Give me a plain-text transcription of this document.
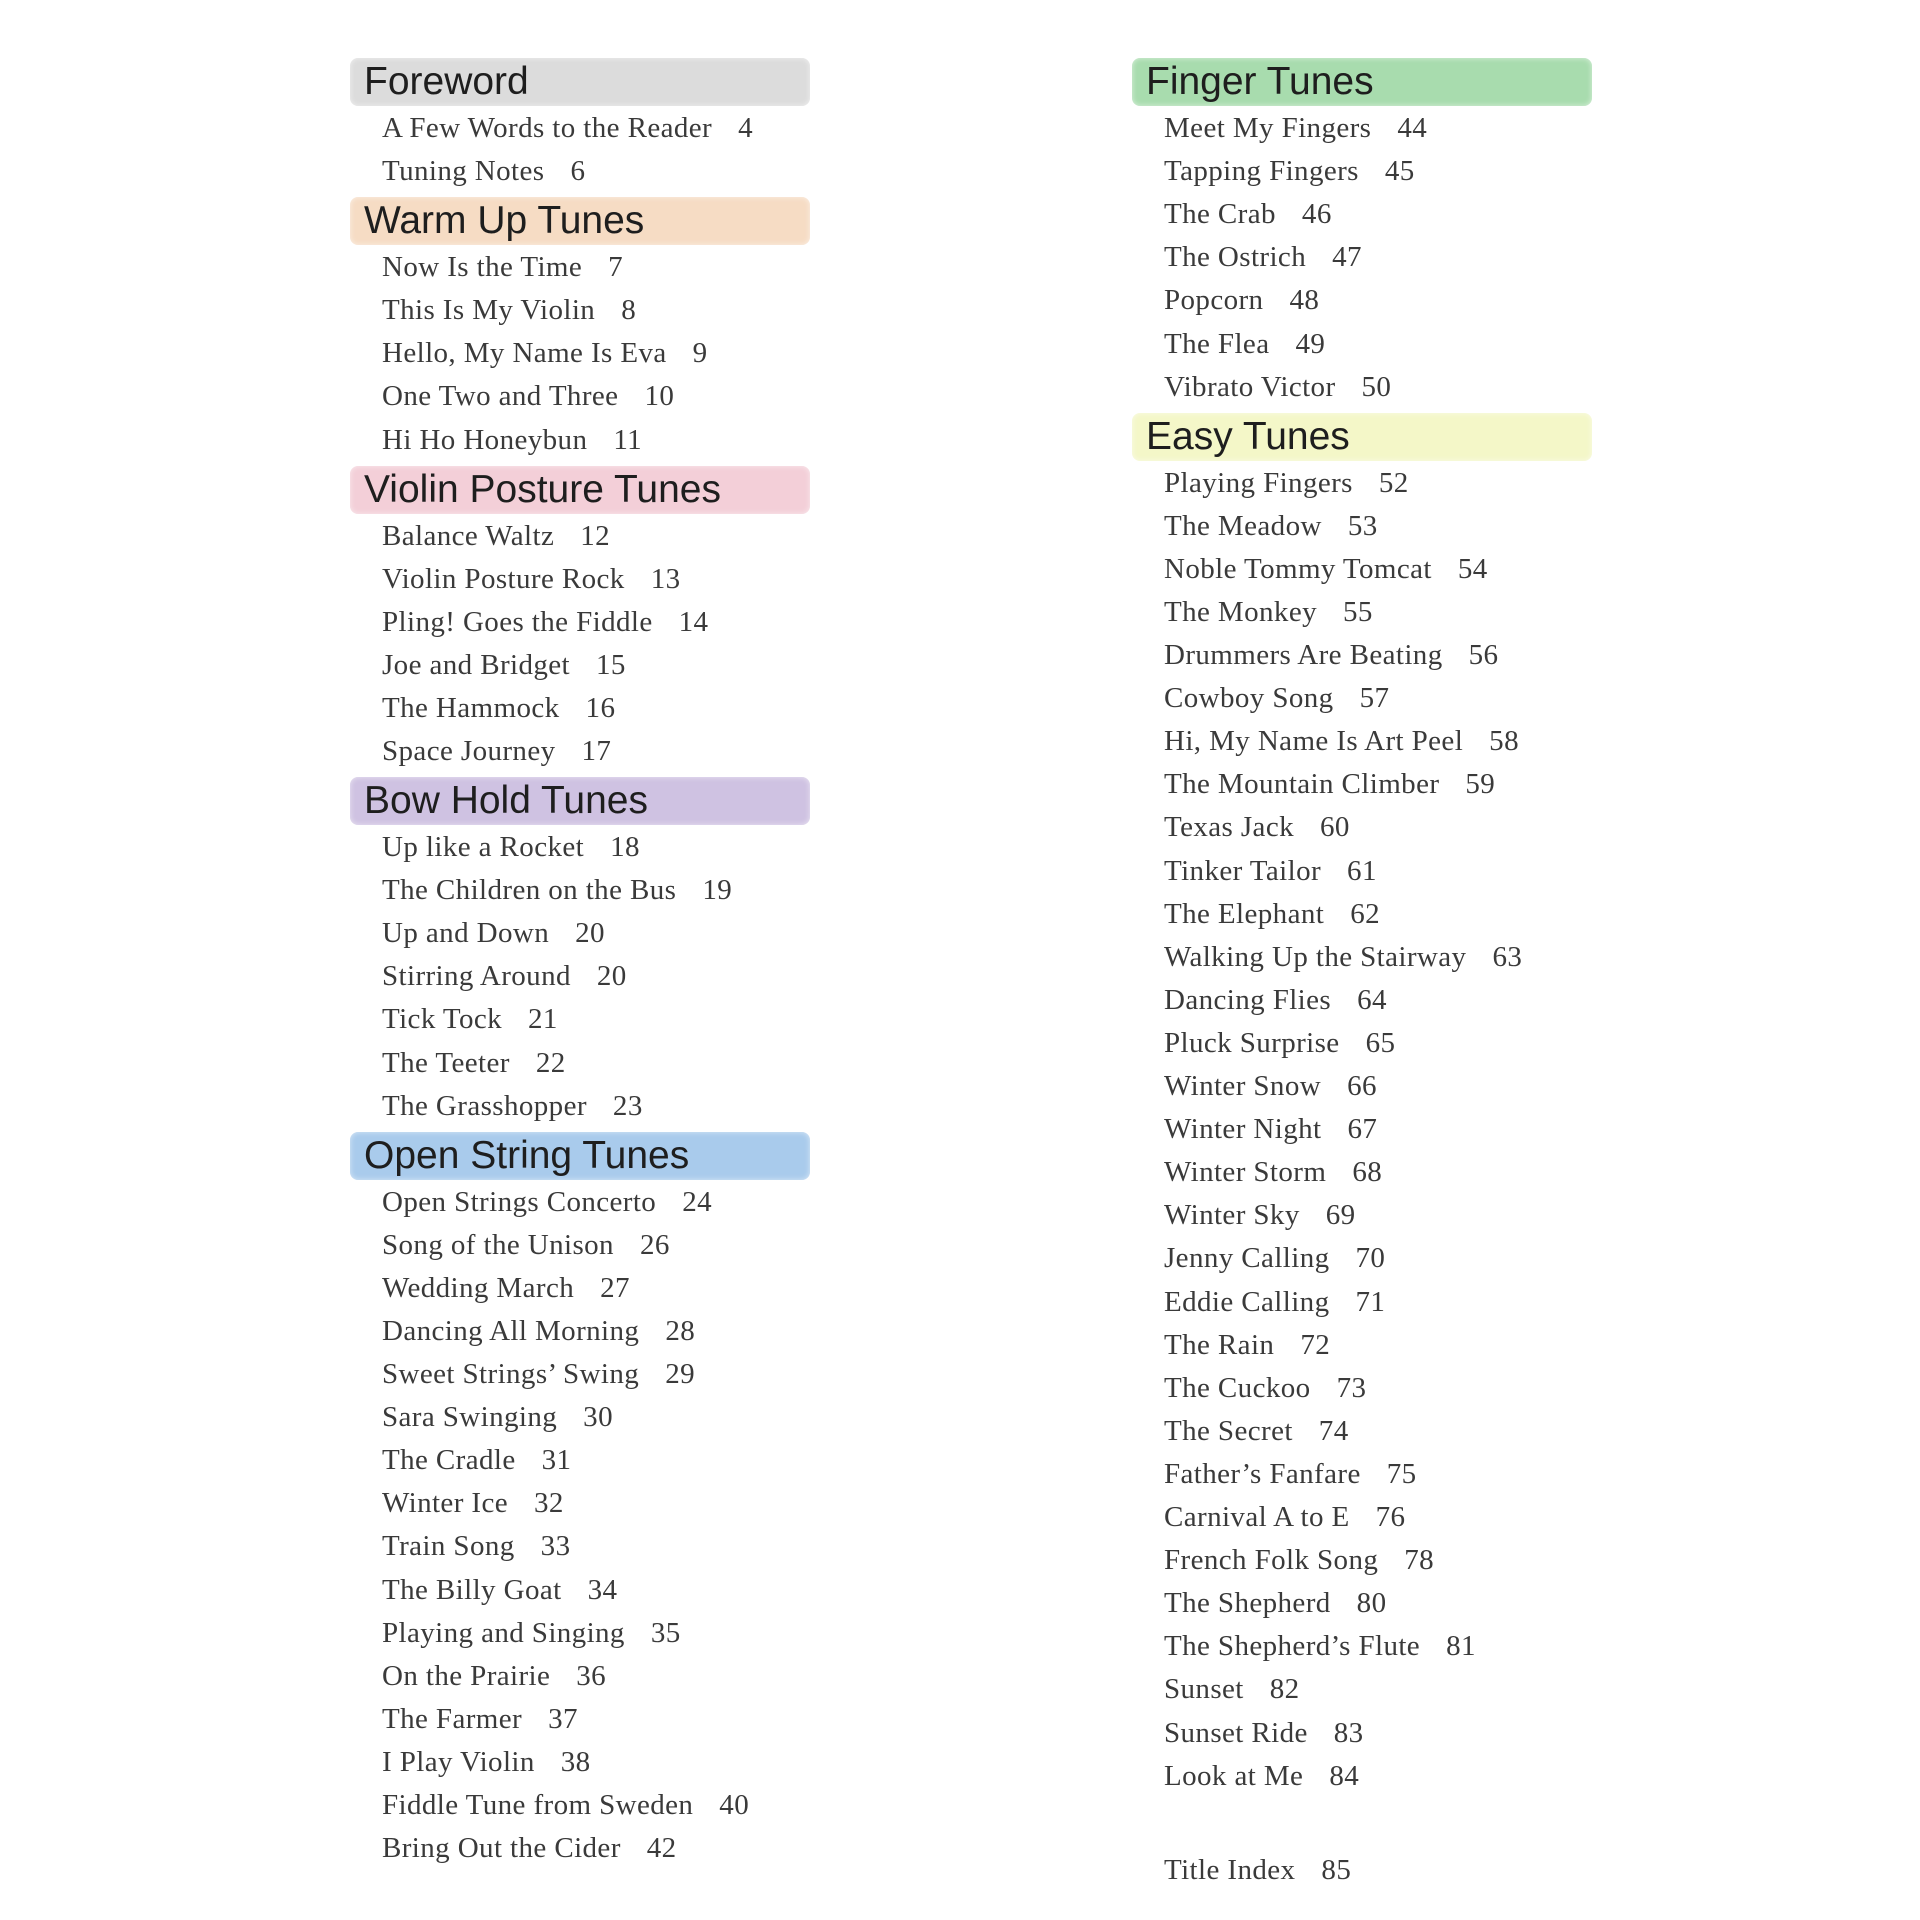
Foreword
A Few Words to the Reader 4
Tuning Notes 6
Warm Up Tunes
Now Is the Time 7
This Is My Violin 8
Hello, My Name Is Eva 9
One Two and Three 10
Hi Ho Honeybun 11
Violin Posture Tunes
Balance Waltz 12
Violin Posture Rock 13
Pling! Goes the Fiddle 14
Joe and Bridget 15
The Hammock 16
Space Journey 17
Bow Hold Tunes
Up like a Rocket 18
The Children on the Bus 19
Up and Down 20
Stirring Around 20
Tick Tock 21
The Teeter 22
The Grasshopper 23
Open String Tunes
Open Strings Concerto 24
Song of the Unison 26
Wedding March 27
Dancing All Morning 28
Sweet Strings’ Swing 29
Sara Swinging 30
The Cradle 31
Winter Ice 32
Train Song 33
The Billy Goat 34
Playing and Singing 35
On the Prairie 36
The Farmer 37
I Play Violin 38
Fiddle Tune from Sweden 40
Bring Out the Cider 42
Finger Tunes
Meet My Fingers 44
Tapping Fingers 45
The Crab 46
The Ostrich 47
Popcorn 48
The Flea 49
Vibrato Victor 50
Easy Tunes
Playing Fingers 52
The Meadow 53
Noble Tommy Tomcat 54
The Monkey 55
Drummers Are Beating 56
Cowboy Song 57
Hi, My Name Is Art Peel 58
The Mountain Climber 59
Texas Jack 60
Tinker Tailor 61
The Elephant 62
Walking Up the Stairway 63
Dancing Flies 64
Pluck Surprise 65
Winter Snow 66
Winter Night 67
Winter Storm 68
Winter Sky 69
Jenny Calling 70
Eddie Calling 71
The Rain 72
The Cuckoo 73
The Secret 74
Father’s Fanfare 75
Carnival A to E 76
French Folk Song 78
The Shepherd 80
The Shepherd’s Flute 81
Sunset 82
Sunset Ride 83
Look at Me 84
Title Index 85
